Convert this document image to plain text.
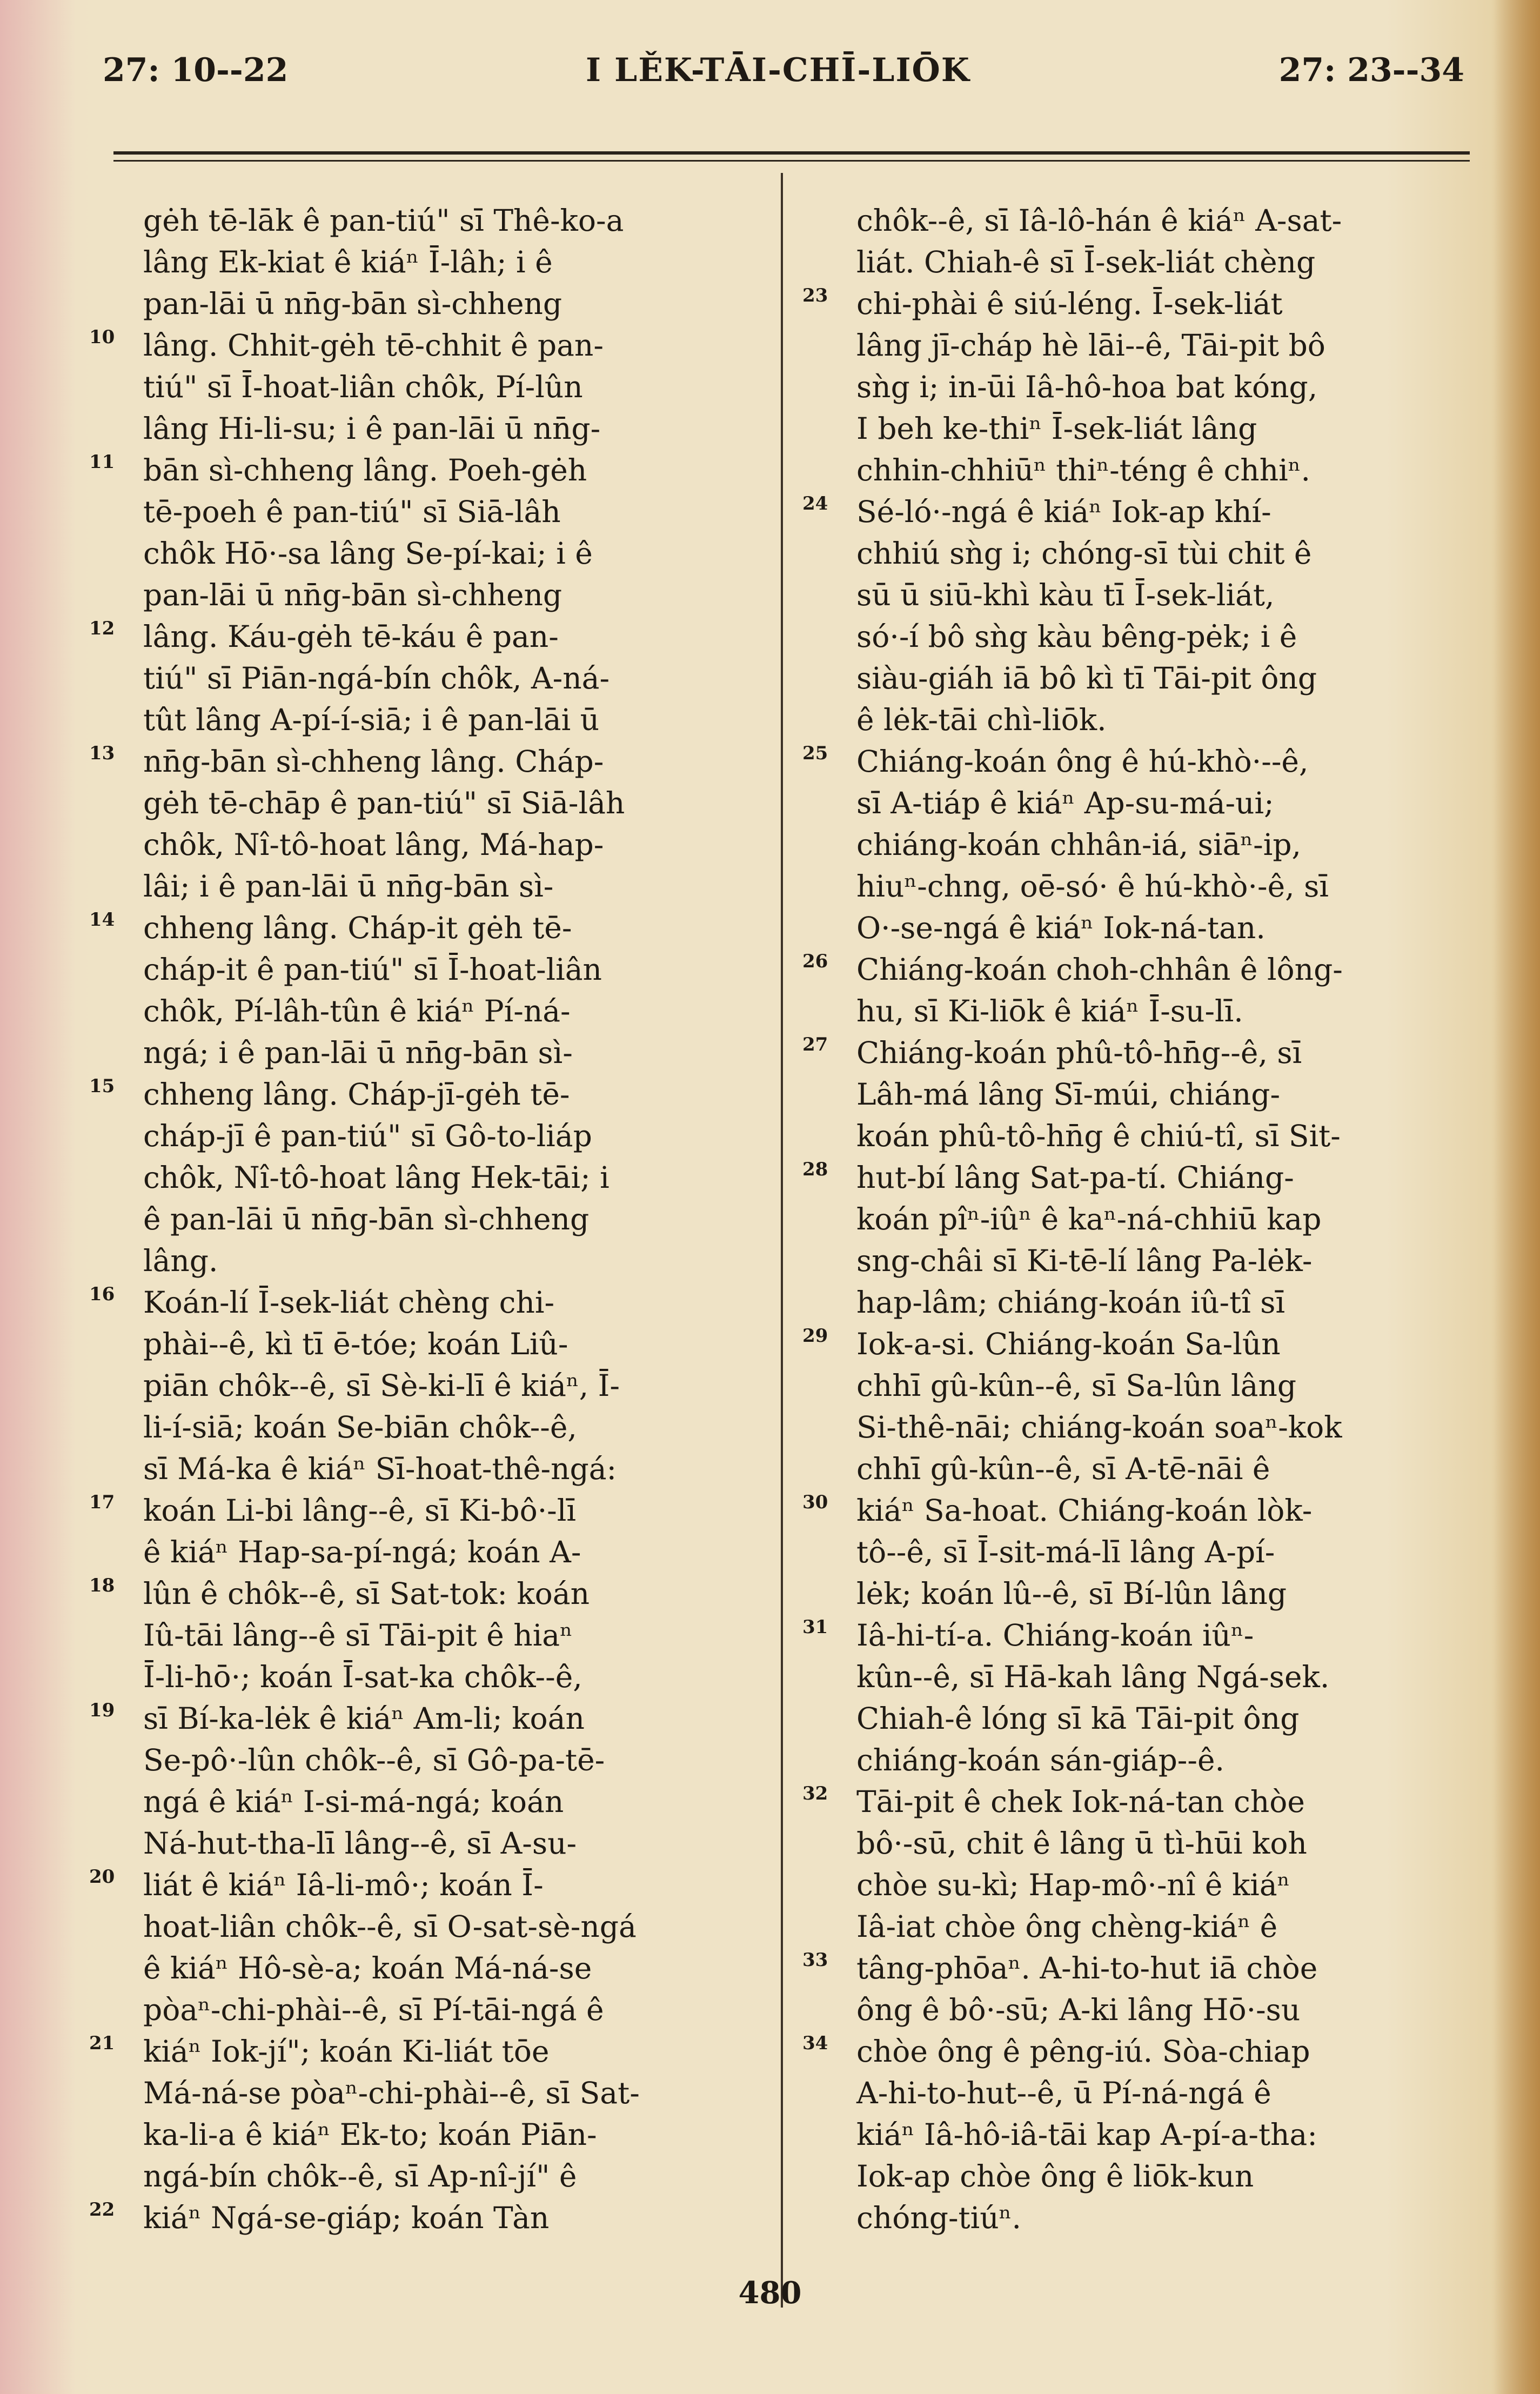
27: 10--22	I LĚK-TĀI-CHĪ-LIŌK	27: 23--34
gėh tē-lāk ê pan-tiú" sī Thê-ko-a
lâng Ek-kiat ê kiáⁿ Ī-lâh; i ê
pan-lāi ū nn̄g-bān sì-chheng
10 lâng. Chhit-gėh tē-chhit ê pan-
tiú" sī Ī-hoat-liân chôk, Pí-lûn
lâng Hi-li-su; i ê pan-lāi ū nn̄g-
11 bān sì-chheng lâng. Poeh-gėh
tē-poeh ê pan-tiú" sī Siā-lâh
chôk Hō·-sa lâng Se-pí-kai; i ê
pan-lāi ū nn̄g-bān sì-chheng
12 lâng. Káu-gėh tē-káu ê pan-
tiú" sī Piān-ngá-bín chôk, A-ná-
tût lâng A-pí-í-siā; i ê pan-lāi ū
13 nn̄g-bān sì-chheng lâng. Cháp-
gėh tē-chāp ê pan-tiú" sī Siā-lâh
chôk, Nî-tô-hoat lâng, Má-hap-
lâi; i ê pan-lāi ū nn̄g-bān sì-
14 chheng lâng. Cháp-it gėh tē-
cháp-it ê pan-tiú" sī Ī-hoat-liân
chôk, Pí-lâh-tûn ê kiáⁿ Pí-ná-
ngá; i ê pan-lāi ū nn̄g-bān sì-
15 chheng lâng. Cháp-jī-gėh tē-
cháp-jī ê pan-tiú" sī Gô-to-liáp
chôk, Nî-tô-hoat lâng Hek-tāi; i
ê pan-lāi ū nn̄g-bān sì-chheng
lâng.
16 Koán-lí Ī-sek-liát chèng chi-
phài--ê, kì tī ē-tóe; koán Liû-
piān chôk--ê, sī Sè-ki-lī ê kiáⁿ, Ī-
li-í-siā; koán Se-biān chôk--ê,
sī Má-ka ê kiáⁿ Sī-hoat-thê-ngá:
17 koán Li-bi lâng--ê, sī Ki-bô·-lī
ê kiáⁿ Hap-sa-pí-ngá; koán A-
18 lûn ê chôk--ê, sī Sat-tok: koán
Iû-tāi lâng--ê sī Tāi-pit ê hiaⁿ
Ī-li-hō·; koán Ī-sat-ka chôk--ê,
19 sī Bí-ka-lėk ê kiáⁿ Am-li; koán
Se-pô·-lûn chôk--ê, sī Gô-pa-tē-
ngá ê kiáⁿ I-si-má-ngá; koán
Ná-hut-tha-lī lâng--ê, sī A-su-
20 liát ê kiáⁿ Iâ-li-mô·; koán Ī-
hoat-liân chôk--ê, sī O-sat-sè-ngá
ê kiáⁿ Hô-sè-a; koán Má-ná-se
pòaⁿ-chi-phài--ê, sī Pí-tāi-ngá ê
21 kiáⁿ Iok-jí"; koán Ki-liát tōe
Má-ná-se pòaⁿ-chi-phài--ê, sī Sat-
ka-li-a ê kiáⁿ Ek-to; koán Piān-
ngá-bín chôk--ê, sī Ap-nî-jí" ê
22 kiáⁿ Ngá-se-giáp; koán Tàn
chôk--ê, sī Iâ-lô-hán ê kiáⁿ A-sat-
liát. Chiah-ê sī Ī-sek-liát chèng
23 chi-phài ê siú-léng. Ī-sek-liát
lâng jī-cháp hè lāi--ê, Tāi-pit bô
sǹg i; in-ūi Iâ-hô-hoa bat kóng,
I beh ke-thiⁿ Ī-sek-liát lâng
chhin-chhiūⁿ thiⁿ-téng ê chhiⁿ.
24 Sé-ló·-ngá ê kiáⁿ Iok-ap khí-
chhiú sǹg i; chóng-sī tùi chit ê
sū ū siū-khì kàu tī Ī-sek-liát,
só·-í bô sǹg kàu bêng-pėk; i ê
siàu-giáh iā bô kì tī Tāi-pit ông
ê lėk-tāi chì-liōk.
25 Chiáng-koán ông ê hú-khò·--ê,
sī A-tiáp ê kiáⁿ Ap-su-má-ui;
chiáng-koán chhân-iá, siāⁿ-ip,
hiuⁿ-chng, oē-só· ê hú-khò·-ê, sī
O·-se-ngá ê kiáⁿ Iok-ná-tan.
26 Chiáng-koán choh-chhân ê lông-
hu, sī Ki-liōk ê kiáⁿ Ī-su-lī.
27 Chiáng-koán phû-tô-hn̄g--ê, sī
Lâh-má lâng Sī-múi, chiáng-
koán phû-tô-hn̄g ê chiú-tî, sī Sit-
28 hut-bí lâng Sat-pa-tí. Chiáng-
koán pîⁿ-iûⁿ ê kaⁿ-ná-chhiū kap
sng-châi sī Ki-tē-lí lâng Pa-lėk-
hap-lâm; chiáng-koán iû-tî sī
29 Iok-a-si. Chiáng-koán Sa-lûn
chhī gû-kûn--ê, sī Sa-lûn lâng
Si-thê-nāi; chiáng-koán soaⁿ-kok
chhī gû-kûn--ê, sī A-tē-nāi ê
30 kiáⁿ Sa-hoat. Chiáng-koán lòk-
tô--ê, sī Ī-sit-má-lī lâng A-pí-
lėk; koán lû--ê, sī Bí-lûn lâng
31 Iâ-hi-tí-a. Chiáng-koán iûⁿ-
kûn--ê, sī Hā-kah lâng Ngá-sek.
Chiah-ê lóng sī kā Tāi-pit ông
chiáng-koán sán-giáp--ê.
32 Tāi-pit ê chek Iok-ná-tan chòe
bô·-sū, chit ê lâng ū tì-hūi koh
chòe su-kì; Hap-mô·-nî ê kiáⁿ
Iâ-iat chòe ông chèng-kiáⁿ ê
33 tâng-phōaⁿ. A-hi-to-hut iā chòe
ông ê bô·-sū; A-ki lâng Hō·-su
34 chòe ông ê pêng-iú. Sòa-chiap
A-hi-to-hut--ê, ū Pí-ná-ngá ê
kiáⁿ Iâ-hô-iâ-tāi kap A-pí-a-tha:
Iok-ap chòe ông ê liōk-kun
chóng-tiúⁿ.
480
